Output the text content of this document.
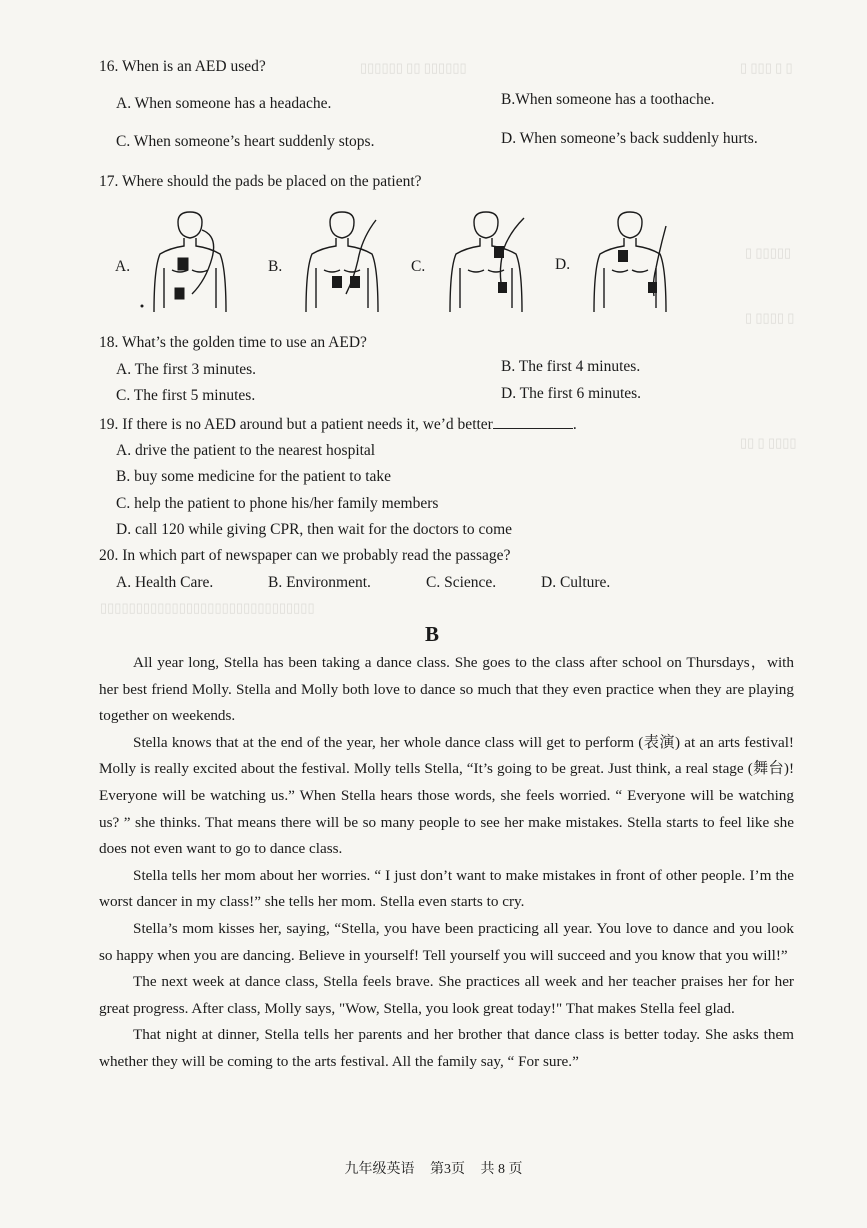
▯ ▯▯▯ ▯ ▯
▯▯▯▯▯▯ ▯▯ ▯▯▯▯▯▯
▯ ▯▯▯▯▯
▯ ▯▯▯▯ ▯
▯▯ ▯ ▯▯▯▯
▯▯▯▯▯▯▯▯▯▯▯▯▯▯▯▯▯▯▯▯▯▯▯▯▯▯▯▯▯▯
16. When is an AED used?
A. When someone has a headache.	B.When someone has a toothache.
C. When someone’s heart suddenly stops.	D. When someone’s back suddenly hurts.
17. Where should the pads be placed on the patient?
A.	B.	C.	D.
18. What’s the golden time to use an AED?
A. The first 3 minutes.	B. The first 4 minutes.
C. The first 5 minutes.	D. The first 6 minutes.
19. If there is no AED around but a patient needs it, we’d better	.
A. drive the patient to the nearest hospital
B. buy some medicine for the patient to take
C. help the patient to phone his/her family members
D. call 120 while giving CPR, then wait for the doctors to come
20. In which part of newspaper can we probably read the passage?
A. Health Care.	B. Environment.	C. Science.	D. Culture.
B

All year long, Stella has been taking a dance class. She goes to the class after school on Thursdays，with her best friend Molly. Stella and Molly both love to dance so much that they even practice when they are playing together on weekends.

Stella knows that at the end of the year, her whole dance class will get to perform (表演) at an arts festival! Molly is really excited about the festival. Molly tells Stella, “It’s going to be great. Just think, a real stage (舞台)! Everyone will be watching us.” When Stella hears those words, she feels worried. “ Everyone will be watching us? ” she thinks. That means there will be so many people to see her make mistakes. Stella starts to feel like she does not even want to go to dance class.

Stella tells her mom about her worries. “ I just don’t want to make mistakes in front of other people. I’m the worst dancer in my class!” she tells her mom. Stella even starts to cry.

Stella’s mom kisses her, saying, “Stella, you have been practicing all year. You love to dance and you look so happy when you are dancing. Believe in yourself! Tell yourself you will succeed and you know that you will!”

The next week at dance class, Stella feels brave. She practices all week and her teacher praises her for her great progress. After class, Molly says, "Wow, Stella, you look great today!" That makes Stella feel glad.

That night at dinner, Stella tells her parents and her brother that dance class is better today. She asks them whether they will be coming to the arts festival. All the family say, “ For sure.”

九年级英语 第3页 共 8 页
